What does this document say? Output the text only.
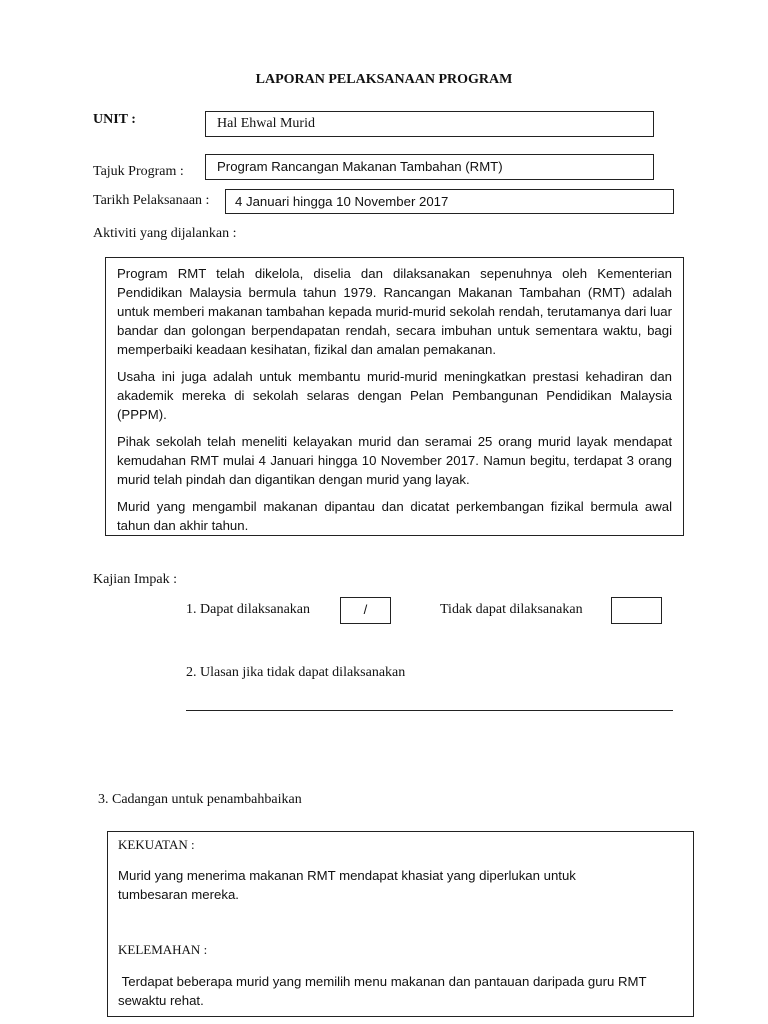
LAPORAN PELAKSANAAN PROGRAM
UNIT :	Hal Ehwal Murid
Tajuk Program :	Program Rancangan Makanan Tambahan (RMT)
Tarikh Pelaksanaan : 4 Januari hingga 10 November 2017
Aktiviti yang dijalankan :

Program RMT telah dikelola, diselia dan dilaksanakan sepenuhnya oleh Kementerian Pendidikan Malaysia bermula tahun 1979. Rancangan Makanan Tambahan (RMT) adalah untuk memberi makanan tambahan kepada murid-murid sekolah rendah, terutamanya dari luar bandar dan golongan berpendapatan rendah, secara imbuhan untuk sementara waktu, bagi memperbaiki keadaan kesihatan, fizikal dan amalan pemakanan.

Usaha ini juga adalah untuk membantu murid-murid meningkatkan prestasi kehadiran dan akademik mereka di sekolah selaras dengan Pelan Pembangunan Pendidikan Malaysia (PPPM).

Pihak sekolah telah meneliti kelayakan murid dan seramai 25 orang murid layak mendapat kemudahan RMT mulai 4 Januari hingga 10 November 2017. Namun begitu, terdapat 3 orang murid telah pindah dan digantikan dengan murid yang layak.

Murid yang mengambil makanan dipantau dan dicatat perkembangan fizikal bermula awal tahun dan akhir tahun.

Kajian Impak :
1. Dapat dilaksanakan	/	Tidak dapat dilaksanakan
2. Ulasan jika tidak dapat dilaksanakan
3. Cadangan untuk penambahbaikan
KEKUATAN :
Murid yang menerima makanan RMT mendapat khasiat yang diperlukan untuk tumbesaran mereka.
KELEMAHAN :
Terdapat beberapa murid yang memilih menu makanan dan pantauan daripada guru RMT sewaktu rehat.
